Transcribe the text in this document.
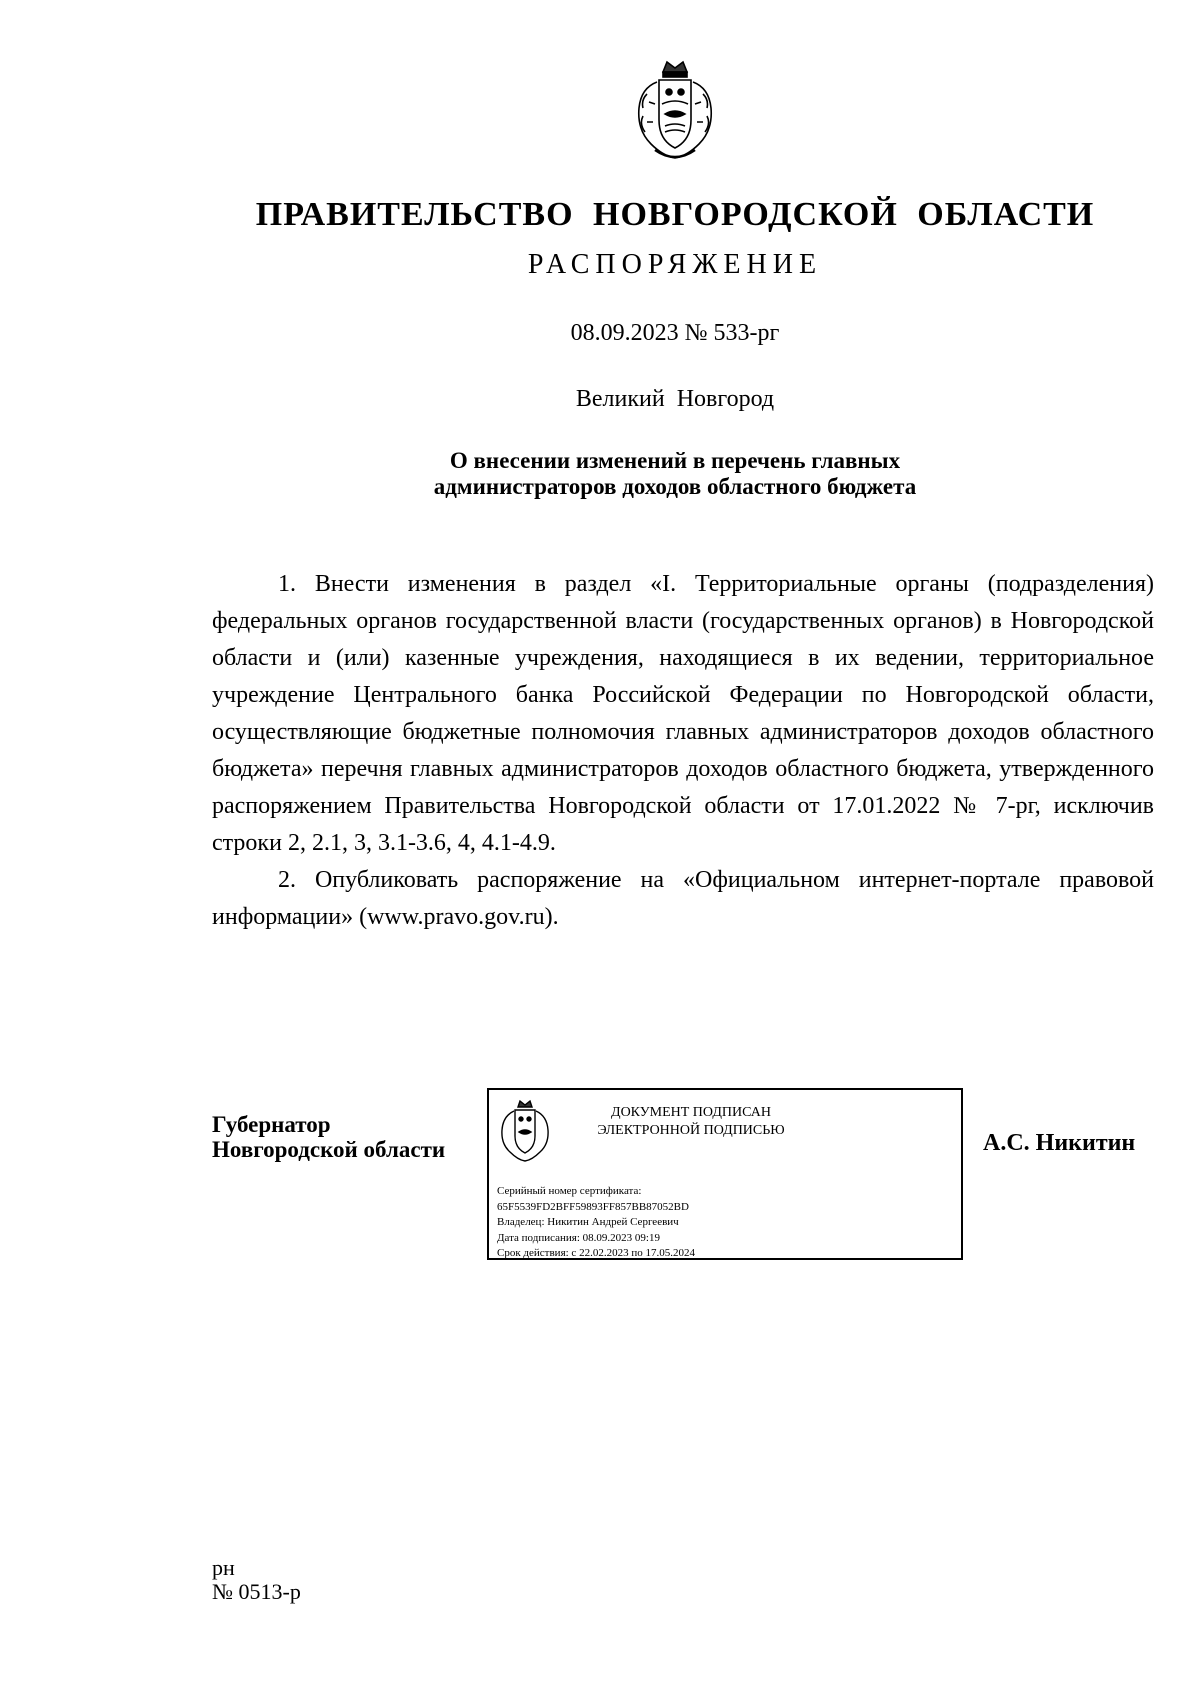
ПРАВИТЕЛЬСТВО НОВГОРОДСКОЙ ОБЛАСТИ
РАСПОРЯЖЕНИЕ
08.09.2023 № 533-рг
Великий Новгород
О внесении изменений в перечень главных
администраторов доходов областного бюджета

1. Внести изменения в раздел «I. Территориальные органы (подразделения) федеральных органов государственной власти (государственных органов) в Новгородской области и (или) казенные учреждения, находящиеся в их ведении, территориальное учреждение Центрального банка Российской Федерации по Новгородской области, осуществляющие бюджетные полномочия главных администраторов доходов областного бюджета» перечня главных администраторов доходов областного бюджета, утвержденного распоряжением Правительства Новгородской области от 17.01.2022 № 7-рг, исключив строки 2, 2.1, 3, 3.1-3.6, 4, 4.1-4.9.

2. Опубликовать распоряжение на «Официальном интернет-портале правовой информации» (www.pravo.gov.ru).

Губернатор
Новгородской области
ДОКУМЕНТ ПОДПИСАН
ЭЛЕКТРОННОЙ ПОДПИСЬЮ
Серийный номер сертификата:
65F5539FD2BFF59893FF857BB87052BD
Владелец: Никитин Андрей Сергеевич
Дата подписания: 08.09.2023 09:19
Срок действия: с 22.02.2023 по 17.05.2024
А.С. Никитин
рн
№ 0513-р
